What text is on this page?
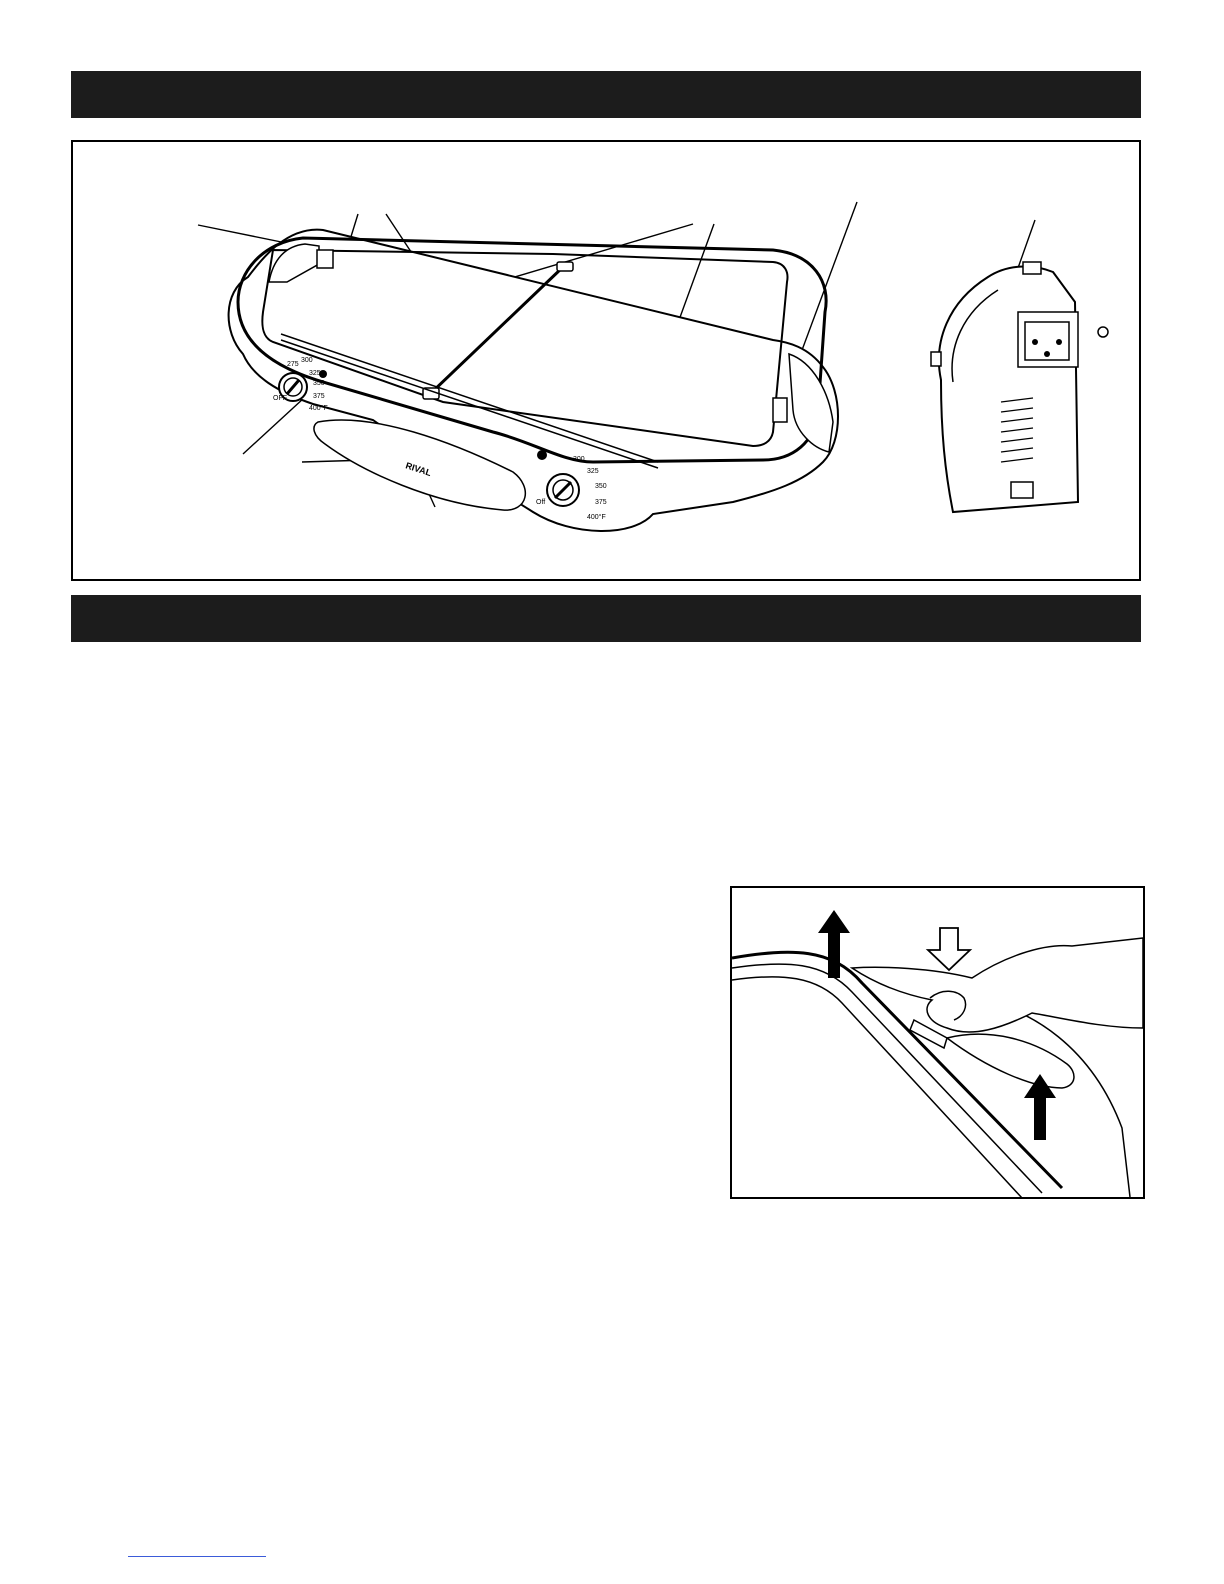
RIVAL
275
300
325
350
375
400°F
OFF
300
325
350
375
400°F
Off
